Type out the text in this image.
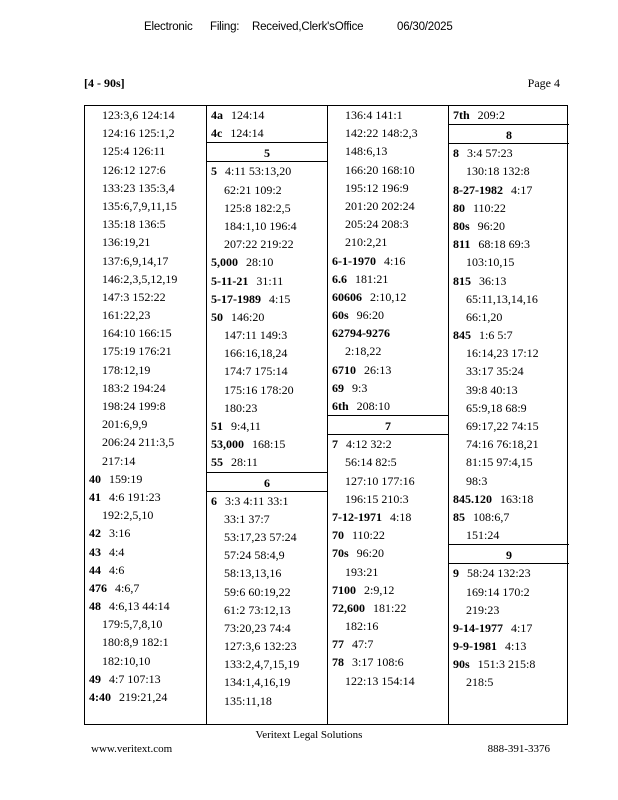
Electronic Filing: Received,Clerk'sOffice	06/30/2025
[4 - 90s]	Page 4
123:3,6 124:14
124:16 125:1,2
125:4 126:11
126:12 127:6
133:23 135:3,4
135:6,7,9,11,15
135:18 136:5
136:19,21
137:6,9,14,17
146:2,3,5,12,19
147:3 152:22
161:22,23
164:10 166:15
175:19 176:21
178:12,19
183:2 194:24
198:24 199:8
201:6,9,9
206:24 211:3,5
217:14
40 159:19
41 4:6 191:23
192:2,5,10
42 3:16
43 4:4
44 4:6
476 4:6,7
48 4:6,13 44:14
179:5,7,8,10
180:8,9 182:1
182:10,10
49 4:7 107:13
4:40 219:21,24
4a 124:14
4c 124:14
5
5 4:11 53:13,20
62:21 109:2
125:8 182:2,5
184:1,10 196:4
207:22 219:22
5,000 28:10
5-11-21 31:11
5-17-1989 4:15
50 146:20
147:11 149:3
166:16,18,24
174:7 175:14
175:16 178:20
180:23
51 9:4,11
53,000 168:15
55 28:11
6
6 3:3 4:11 33:1
33:1 37:7
53:17,23 57:24
57:24 58:4,9
58:13,13,16
59:6 60:19,22
61:2 73:12,13
73:20,23 74:4
127:3,6 132:23
133:2,4,7,15,19
134:1,4,16,19
135:11,18
136:4 141:1
142:22 148:2,3
148:6,13
166:20 168:10
195:12 196:9
201:20 202:24
205:24 208:3
210:2,21
6-1-1970 4:16
6.6 181:21
60606 2:10,12
60s 96:20
62794-9276
2:18,22
6710 26:13
69 9:3
6th 208:10
7
7 4:12 32:2
56:14 82:5
127:10 177:16
196:15 210:3
7-12-1971 4:18
70 110:22
70s 96:20
193:21
7100 2:9,12
72,600 181:22
182:16
77 47:7
78 3:17 108:6
122:13 154:14
7th 209:2
8
8 3:4 57:23
130:18 132:8
8-27-1982 4:17
80 110:22
80s 96:20
811 68:18 69:3
103:10,15
815 36:13
65:11,13,14,16
66:1,20
845 1:6 5:7
16:14,23 17:12
33:17 35:24
39:8 40:13
65:9,18 68:9
69:17,22 74:15
74:16 76:18,21
81:15 97:4,15
98:3
845.120 163:18
85 108:6,7
151:24
9
9 58:24 132:23
169:14 170:2
219:23
9-14-1977 4:17
9-9-1981 4:13
90s 151:3 215:8
218:5
Veritext Legal Solutions
www.veritext.com	888-391-3376
